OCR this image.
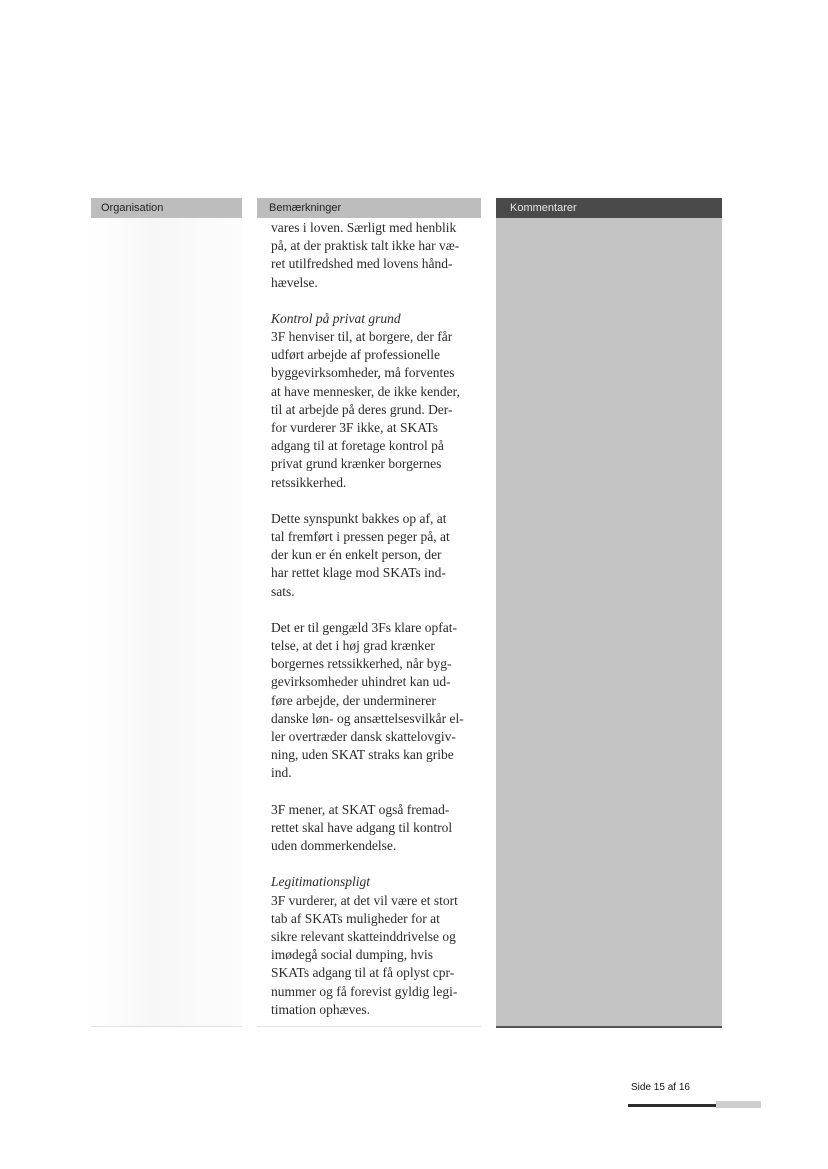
Organisation	Bemærkninger	Kommentarer

vares i loven. Særligt med henblik
på, at der praktisk talt ikke har væ-
ret utilfredshed med lovens hånd-
hævelse.

Kontrol på privat grund
3F henviser til, at borgere, der får
udført arbejde af professionelle
byggevirksomheder, må forventes
at have mennesker, de ikke kender,
til at arbejde på deres grund. Der-
for vurderer 3F ikke, at SKATs
adgang til at foretage kontrol på
privat grund krænker borgernes
retssikkerhed.

Dette synspunkt bakkes op af, at
tal fremført i pressen peger på, at
der kun er én enkelt person, der
har rettet klage mod SKATs ind-
sats.

Det er til gengæld 3Fs klare opfat-
telse, at det i høj grad krænker
borgernes retssikkerhed, når byg-
gevirksomheder uhindret kan ud-
føre arbejde, der underminerer
danske løn- og ansættelsesvilkår el-
ler overtræder dansk skattelovgiv-
ning, uden SKAT straks kan gribe
ind.

3F mener, at SKAT også fremad-
rettet skal have adgang til kontrol
uden dommerkendelse.

Legitimationspligt
3F vurderer, at det vil være et stort
tab af SKATs muligheder for at
sikre relevant skatteinddrivelse og
imødegå social dumping, hvis
SKATs adgang til at få oplyst cpr-
nummer og få forevist gyldig legi-
timation ophæves.

Side 15 af 16
